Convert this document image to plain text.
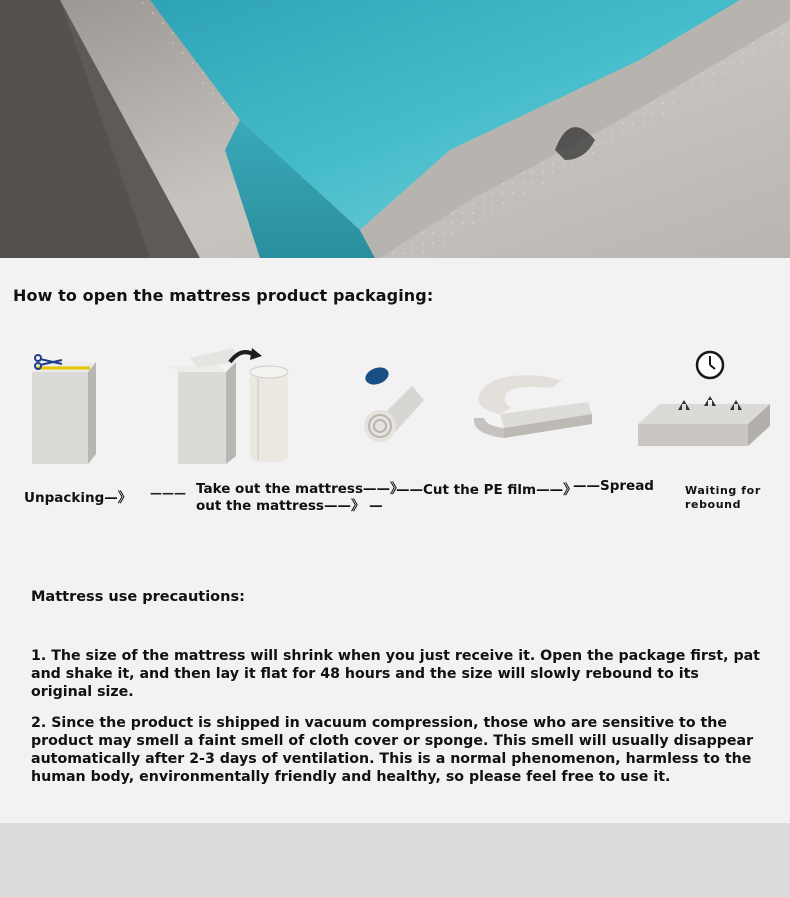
How to open the mattress product packaging:
Unpacking—》 ——— Take out the mattress——》
out the mattress——》 —
——Cut the PE film——》
——Spread	Waiting for
rebound
Mattress use precautions:
1. The size of the mattress will shrink when you just receive it. Open the package first, pat and shake it, and then lay it flat for 48 hours and the size will slowly rebound to its original size.
2. Since the product is shipped in vacuum compression, those who are sensitive to the product may smell a faint smell of cloth cover or sponge. This smell will usually disappear automatically after 2-3 days of ventilation. This is a normal phenomenon, harmless to the human body, environmentally friendly and healthy, so please feel free to use it.
